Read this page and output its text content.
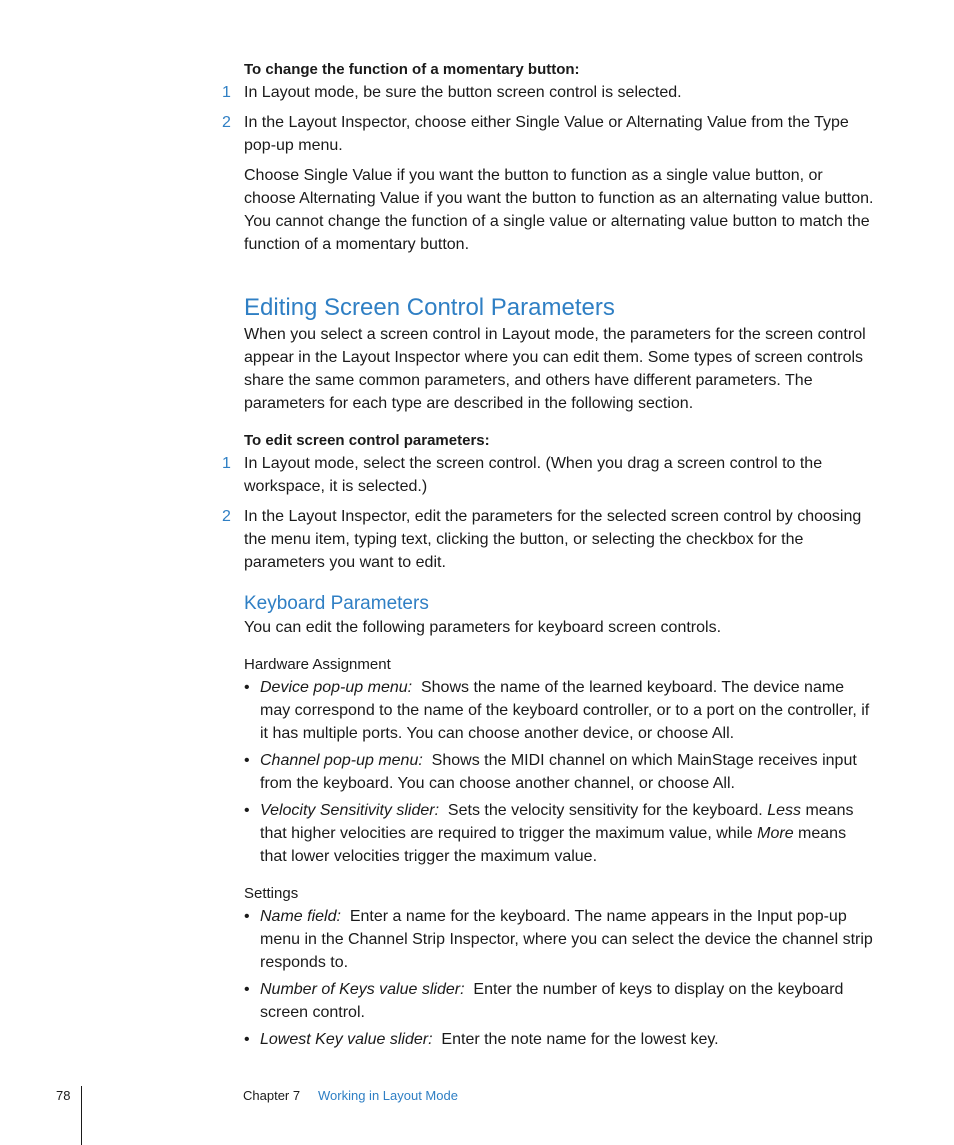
To change the function of a momentary button:

1 In Layout mode, be sure the button screen control is selected.

2 In the Layout Inspector, choose either Single Value or Alternating Value from the Type pop-up menu.

Choose Single Value if you want the button to function as a single value button, or choose Alternating Value if you want the button to function as an alternating value button. You cannot change the function of a single value or alternating value button to match the function of a momentary button.

Editing Screen Control Parameters

When you select a screen control in Layout mode, the parameters for the screen control appear in the Layout Inspector where you can edit them. Some types of screen controls share the same common parameters, and others have different parameters. The parameters for each type are described in the following section.

To edit screen control parameters:

1 In Layout mode, select the screen control. (When you drag a screen control to the workspace, it is selected.)

2 In the Layout Inspector, edit the parameters for the selected screen control by choosing the menu item, typing text, clicking the button, or selecting the checkbox for the parameters you want to edit.

Keyboard Parameters

You can edit the following parameters for keyboard screen controls.

Hardware Assignment

• Device pop-up menu: Shows the name of the learned keyboard. The device name may correspond to the name of the keyboard controller, or to a port on the controller, if it has multiple ports. You can choose another device, or choose All.

• Channel pop-up menu: Shows the MIDI channel on which MainStage receives input from the keyboard. You can choose another channel, or choose All.

• Velocity Sensitivity slider: Sets the velocity sensitivity for the keyboard. Less means that higher velocities are required to trigger the maximum value, while More means that lower velocities trigger the maximum value.

Settings

• Name field: Enter a name for the keyboard. The name appears in the Input pop-up menu in the Channel Strip Inspector, where you can select the device the channel strip responds to.

• Number of Keys value slider: Enter the number of keys to display on the keyboard screen control.

• Lowest Key value slider: Enter the note name for the lowest key.

78	Chapter 7 Working in Layout Mode
